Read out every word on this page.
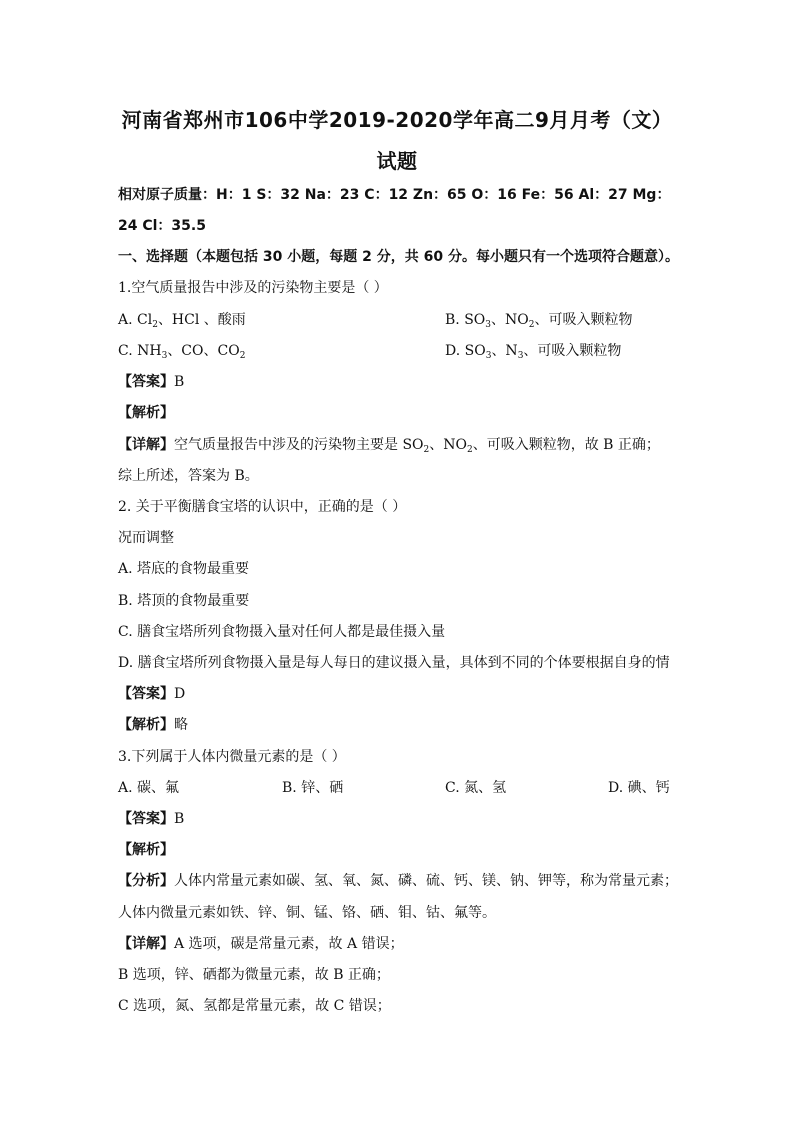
河南省郑州市106中学2019-2020学年高二9月月考（文）
试题
相对原子质量：H：1 S：32 Na：23 C：12 Zn：65 O：16 Fe：56 Al：27 Mg：
24 Cl：35.5
一、选择题（本题包括 30 小题，每题 2 分，共 60 分。每小题只有一个选项符合题意）。
1.空气质量报告中涉及的污染物主要是（ ）
A. $Cl_2$、HCl 、酸雨	B. $SO_3$、$NO_2$、可吸入颗粒物
C. $NH_3$、CO、$CO_2$	D. $SO_3$、$N_3$、可吸入颗粒物
【答案】B
【解析】
【详解】空气质量报告中涉及的污染物主要是 $SO_2$、$NO_2$、可吸入颗粒物，故 B 正确；
综上所述，答案为 B。
2. 关于平衡膳食宝塔的认识中，正确的是（ ）
况而调整
A. 塔底的食物最重要
B. 塔顶的食物最重要
C. 膳食宝塔所列食物摄入量对任何人都是最佳摄入量
D. 膳食宝塔所列食物摄入量是每人每日的建议摄入量，具体到不同的个体要根据自身的情
【答案】D
【解析】略
3.下列属于人体内微量元素的是（ ）
A. 碳、氟	B. 锌、硒	C. 氮、氢	D. 碘、钙
【答案】B
【解析】
【分析】人体内常量元素如碳、氢、氧、氮、磷、硫、钙、镁、钠、钾等，称为常量元素；
人体内微量元素如铁、锌、铜、锰、铬、硒、钼、钴、氟等。
【详解】A 选项，碳是常量元素，故 A 错误；
B 选项，锌、硒都为微量元素，故 B 正确；
C 选项，氮、氢都是常量元素，故 C 错误；
